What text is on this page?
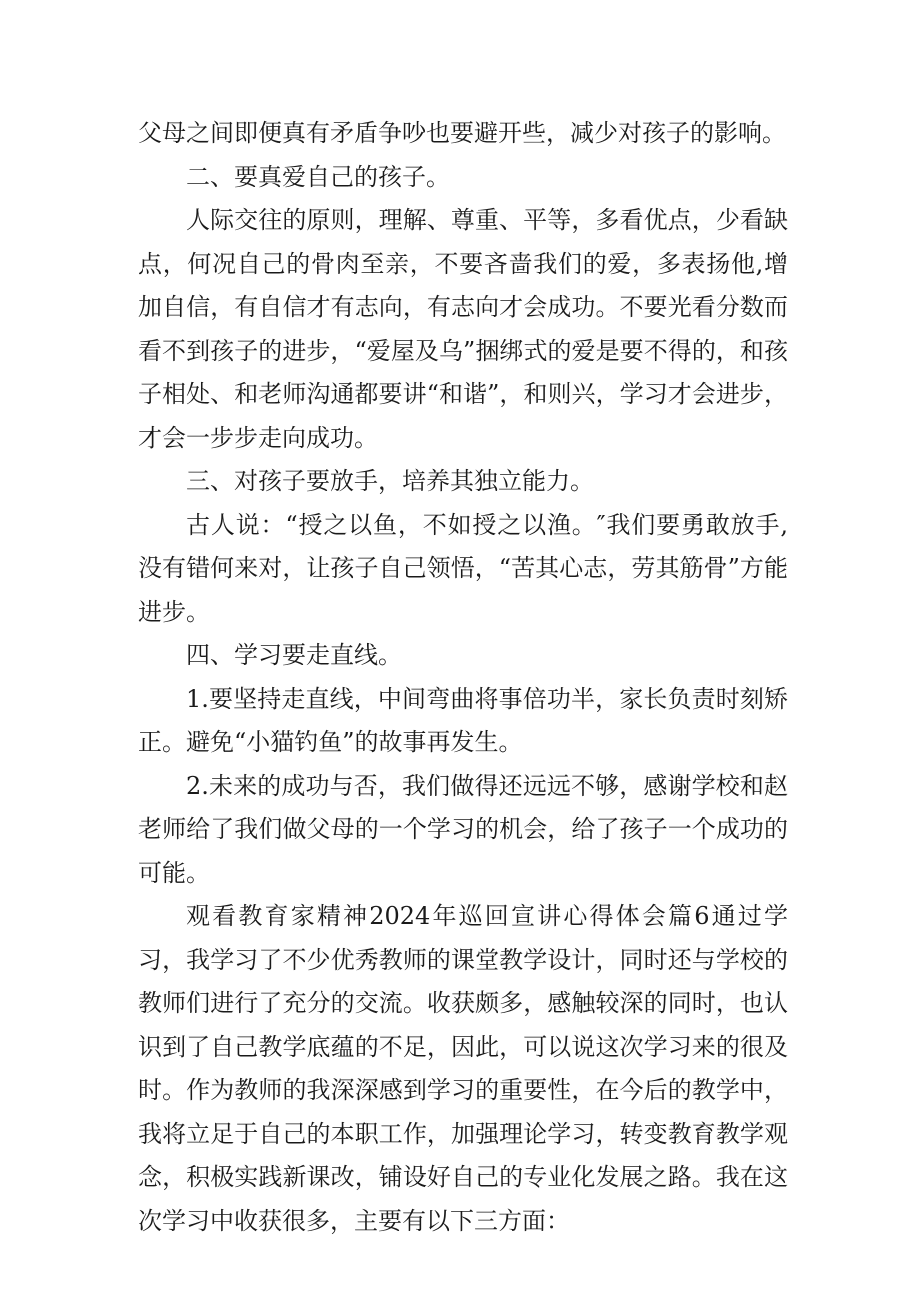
父母之间即便真有矛盾争吵也要避开些，减少对孩子的影响。

二、要真爱自己的孩子。

人际交往的原则，理解、尊重、平等，多看优点，少看缺点，何况自己的骨肉至亲，不要吝啬我们的爱，多表扬他,增加自信，有自信才有志向，有志向才会成功。不要光看分数而看不到孩子的进步，“爱屋及乌”捆绑式的爱是要不得的，和孩子相处、和老师沟通都要讲“和谐”，和则兴，学习才会进步，才会一步步走向成功。

三、对孩子要放手，培养其独立能力。

古人说：“授之以鱼，不如授之以渔。″我们要勇敢放手,没有错何来对，让孩子自己领悟，“苦其心志，劳其筋骨”方能进步。

四、学习要走直线。

1.要坚持走直线，中间弯曲将事倍功半，家长负责时刻矫正。避免“小猫钓鱼”的故事再发生。

2.未来的成功与否，我们做得还远远不够，感谢学校和赵老师给了我们做父母的一个学习的机会，给了孩子一个成功的可能。

观看教育家精神2024年巡回宣讲心得体会篇6通过学习，我学习了不少优秀教师的课堂教学设计，同时还与学校的教师们进行了充分的交流。收获颇多，感触较深的同时，也认识到了自己教学底蕴的不足，因此，可以说这次学习来的很及时。作为教师的我深深感到学习的重要性，在今后的教学中，我将立足于自己的本职工作，加强理论学习，转变教育教学观念，积极实践新课改，铺设好自己的专业化发展之路。我在这次学习中收获很多，主要有以下三方面：
